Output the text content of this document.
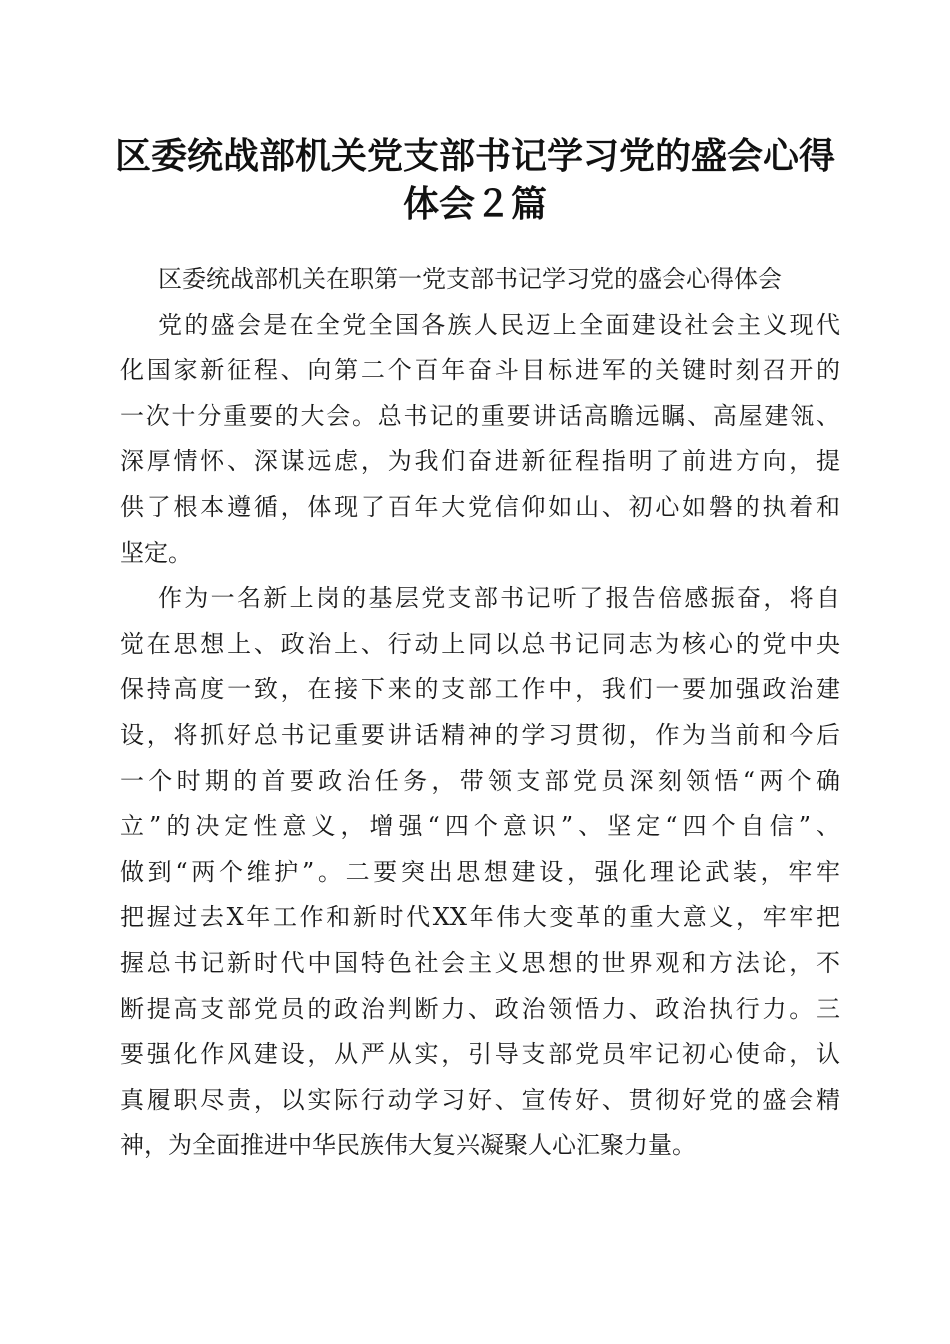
区委统战部机关党支部书记学习党的盛会心得
体会２篇
区委统战部机关在职第一党支部书记学习党的盛会心得体会
党的盛会是在全党全国各族人民迈上全面建设社会主义现代
化国家新征程、向第二个百年奋斗目标进军的关键时刻召开的
一次十分重要的大会。总书记的重要讲话高瞻远瞩、高屋建瓴、
深厚情怀、深谋远虑，为我们奋进新征程指明了前进方向，提
供了根本遵循，体现了百年大党信仰如山、初心如磐的执着和
坚定。
作为一名新上岗的基层党支部书记听了报告倍感振奋，将自
觉在思想上、政治上、行动上同以总书记同志为核心的党中央
保持高度一致，在接下来的支部工作中，我们一要加强政治建
设，将抓好总书记重要讲话精神的学习贯彻，作为当前和今后
一个时期的首要政治任务，带领支部党员深刻领悟“两个确
立”的决定性意义，增强“四个意识”、坚定“四个自信”、
做到“两个维护”。二要突出思想建设，强化理论武装，牢牢
把握过去X年工作和新时代XX年伟大变革的重大意义，牢牢把
握总书记新时代中国特色社会主义思想的世界观和方法论，不
断提高支部党员的政治判断力、政治领悟力、政治执行力。三
要强化作风建设，从严从实，引导支部党员牢记初心使命，认
真履职尽责，以实际行动学习好、宣传好、贯彻好党的盛会精
神，为全面推进中华民族伟大复兴凝聚人心汇聚力量。
